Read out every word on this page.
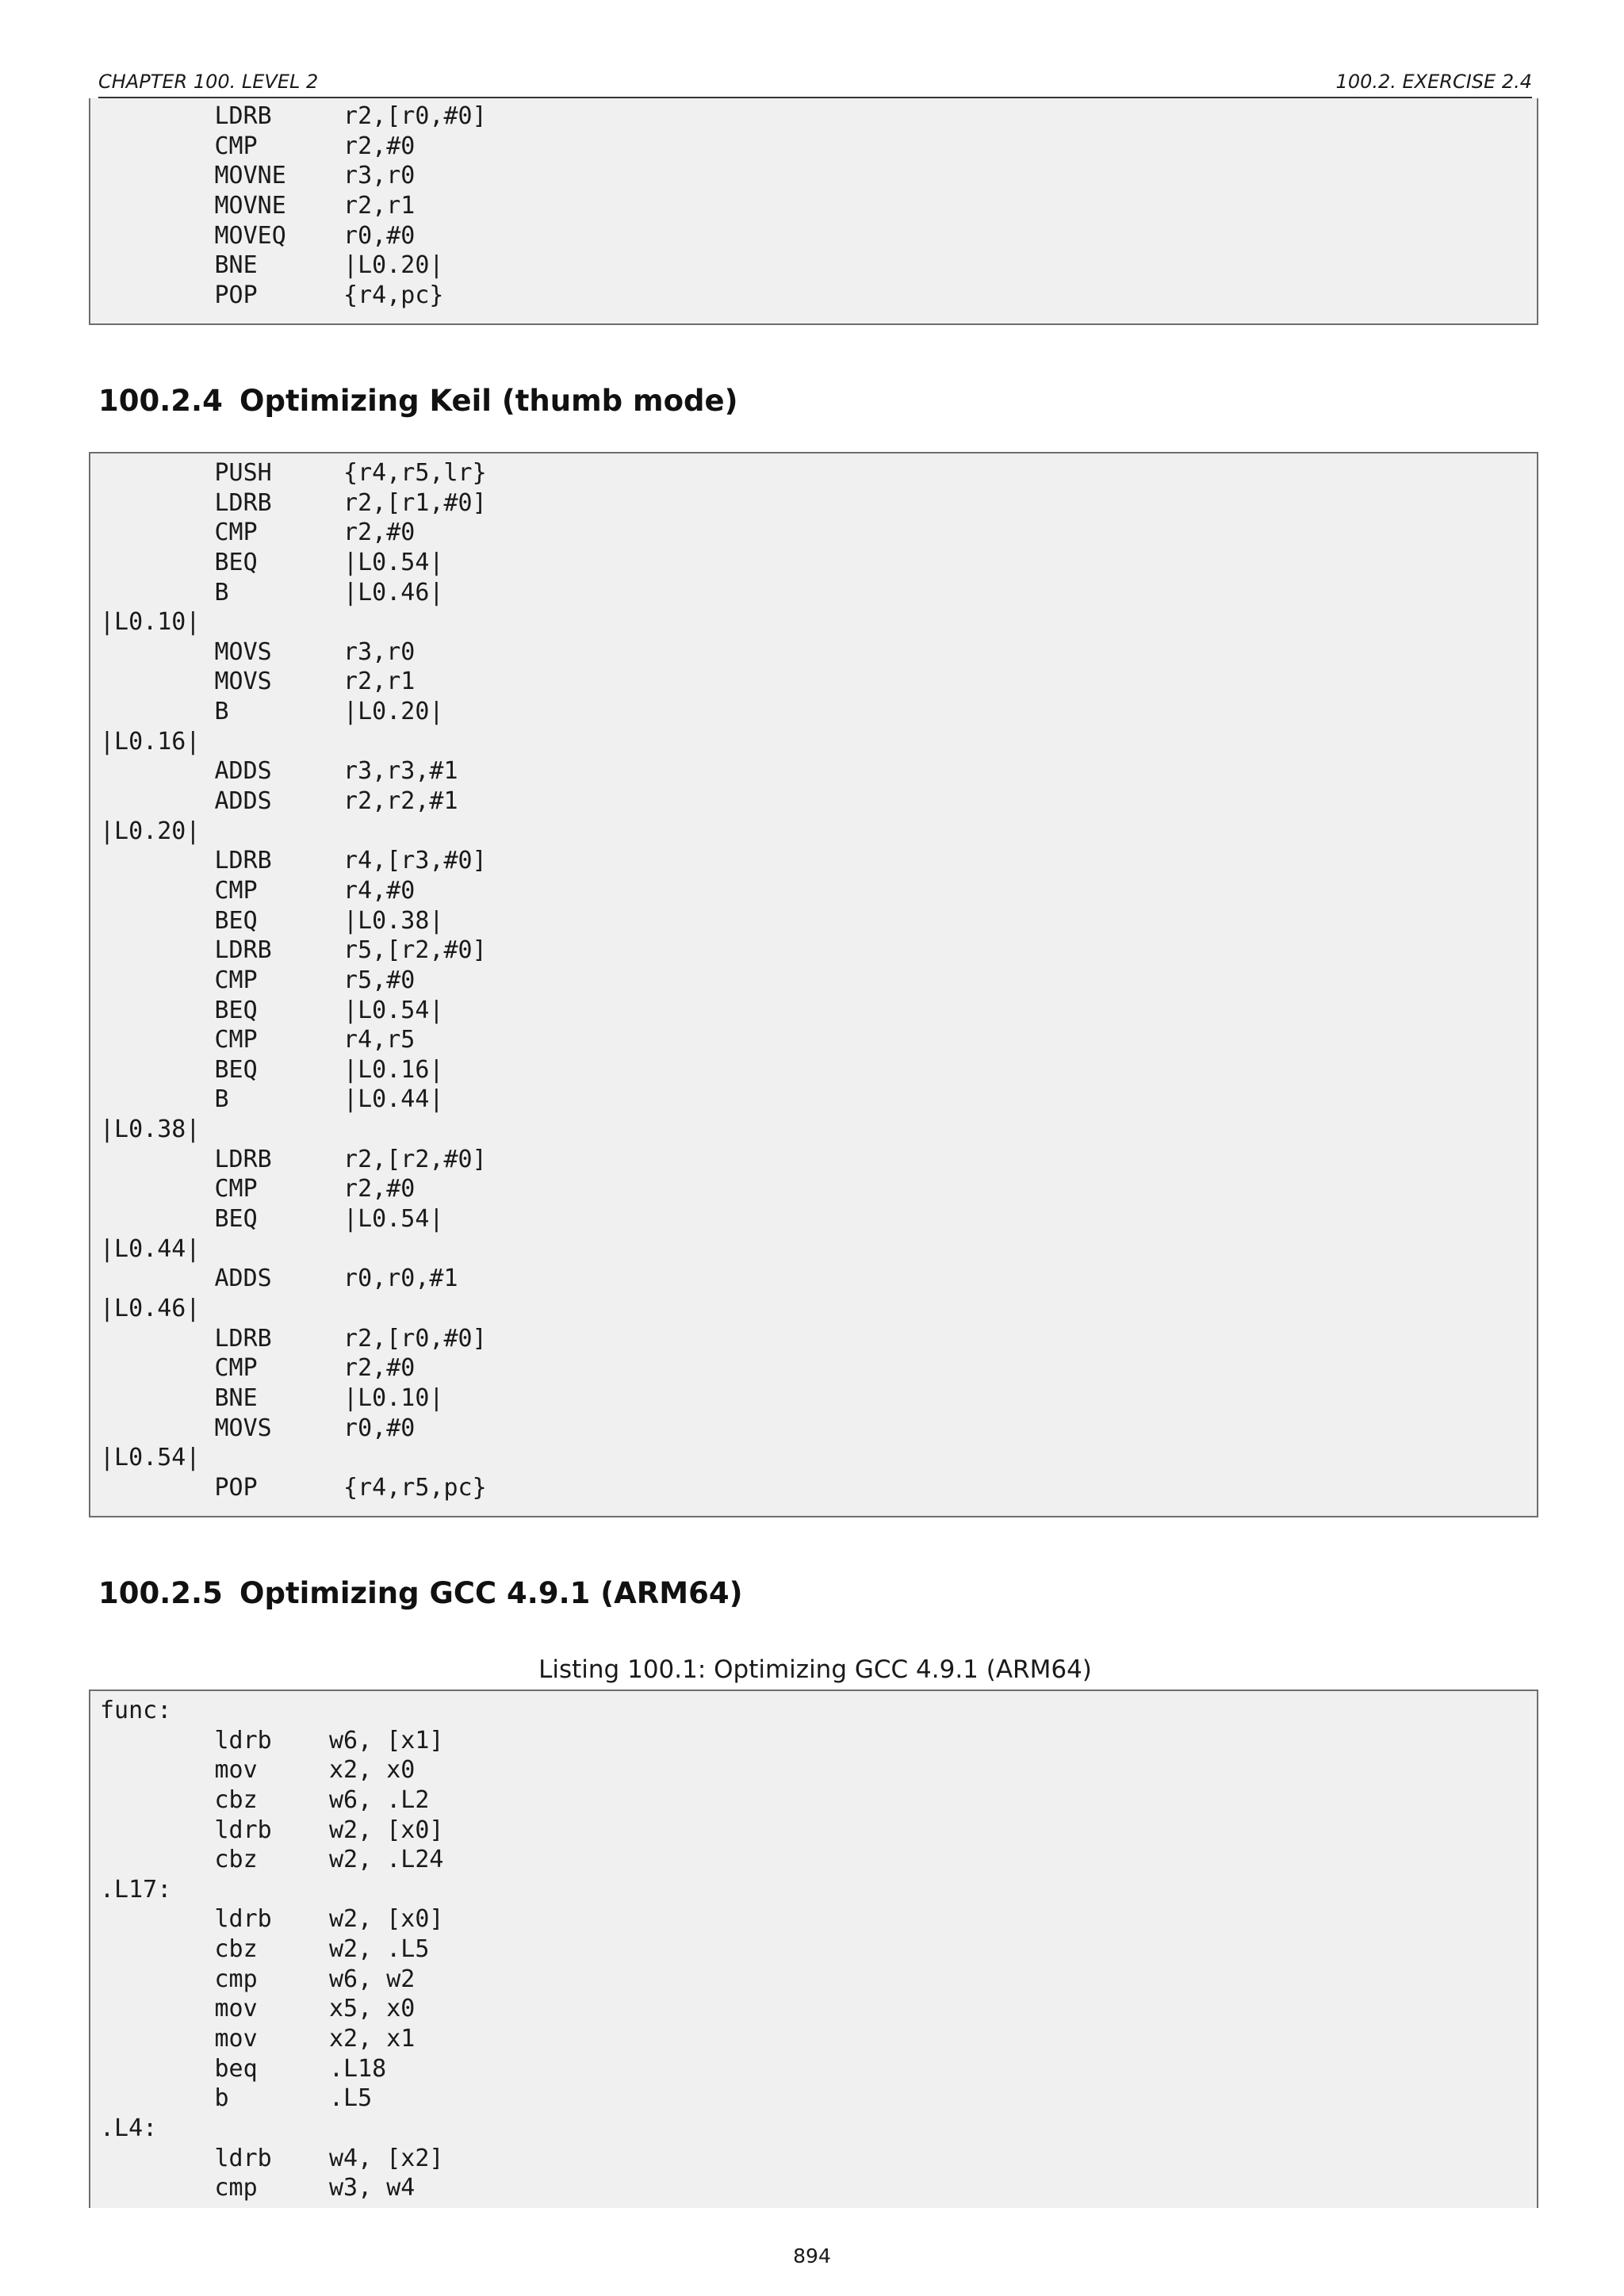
CHAPTER 100. LEVEL 2	100.2. EXERCISE 2.4
LDRB     r2,[r0,#0]
CMP      r2,#0
MOVNE    r3,r0
MOVNE    r2,r1
MOVEQ    r0,#0
BNE      |L0.20|
POP      {r4,pc}
100.2.4 Optimizing Keil (thumb mode)
PUSH     {r4,r5,lr}
LDRB     r2,[r1,#0]
CMP      r2,#0
BEQ      |L0.54|
B        |L0.46|
|L0.10|
MOVS     r3,r0
MOVS     r2,r1
B        |L0.20|
|L0.16|
ADDS     r3,r3,#1
ADDS     r2,r2,#1
|L0.20|
LDRB     r4,[r3,#0]
CMP      r4,#0
BEQ      |L0.38|
LDRB     r5,[r2,#0]
CMP      r5,#0
BEQ      |L0.54|
CMP      r4,r5
BEQ      |L0.16|
B        |L0.44|
|L0.38|
LDRB     r2,[r2,#0]
CMP      r2,#0
BEQ      |L0.54|
|L0.44|
ADDS     r0,r0,#1
|L0.46|
LDRB     r2,[r0,#0]
CMP      r2,#0
BNE      |L0.10|
MOVS     r0,#0
|L0.54|
POP      {r4,r5,pc}
100.2.5 Optimizing GCC 4.9.1 (ARM64)
Listing 100.1: Optimizing GCC 4.9.1 (ARM64)
func:
ldrb    w6, [x1]
mov     x2, x0
cbz     w6, .L2
ldrb    w2, [x0]
cbz     w2, .L24
.L17:
ldrb    w2, [x0]
cbz     w2, .L5
cmp     w6, w2
mov     x5, x0
mov     x2, x1
beq     .L18
b       .L5
.L4:
ldrb    w4, [x2]
cmp     w3, w4
894
